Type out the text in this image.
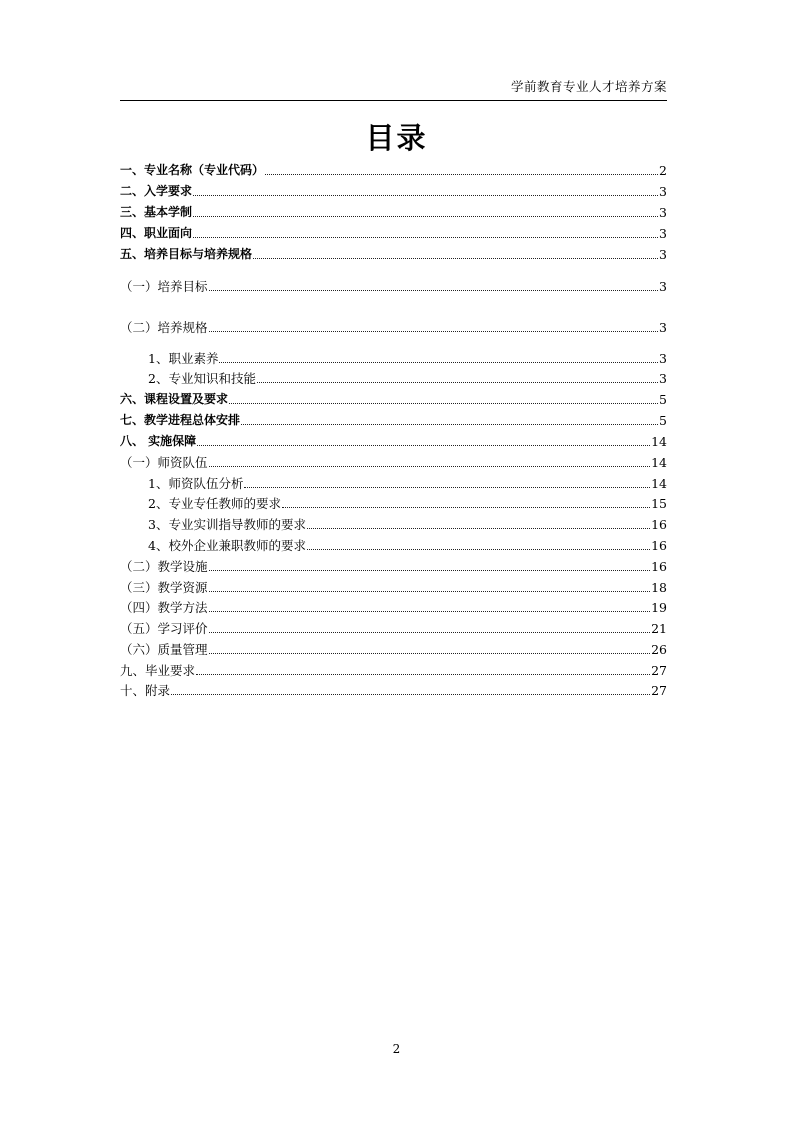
学前教育专业人才培养方案
目录
一、专业名称（专业代码）	2
二、入学要求	3
三、基本学制	3
四、职业面向	3
五、培养目标与培养规格	3
（一）培养目标	3
（二）培养规格	3
1、职业素养	3
2、专业知识和技能	3
六、课程设置及要求	5
七、教学进程总体安排	5
八、 实施保障	14
（一）师资队伍	14
1、师资队伍分析	14
2、专业专任教师的要求	15
3、专业实训指导教师的要求	16
4、校外企业兼职教师的要求	16
（二）教学设施	16
（三）教学资源	18
（四）教学方法	19
（五）学习评价	21
（六）质量管理	26
九、毕业要求	27
十、附录	27
2
